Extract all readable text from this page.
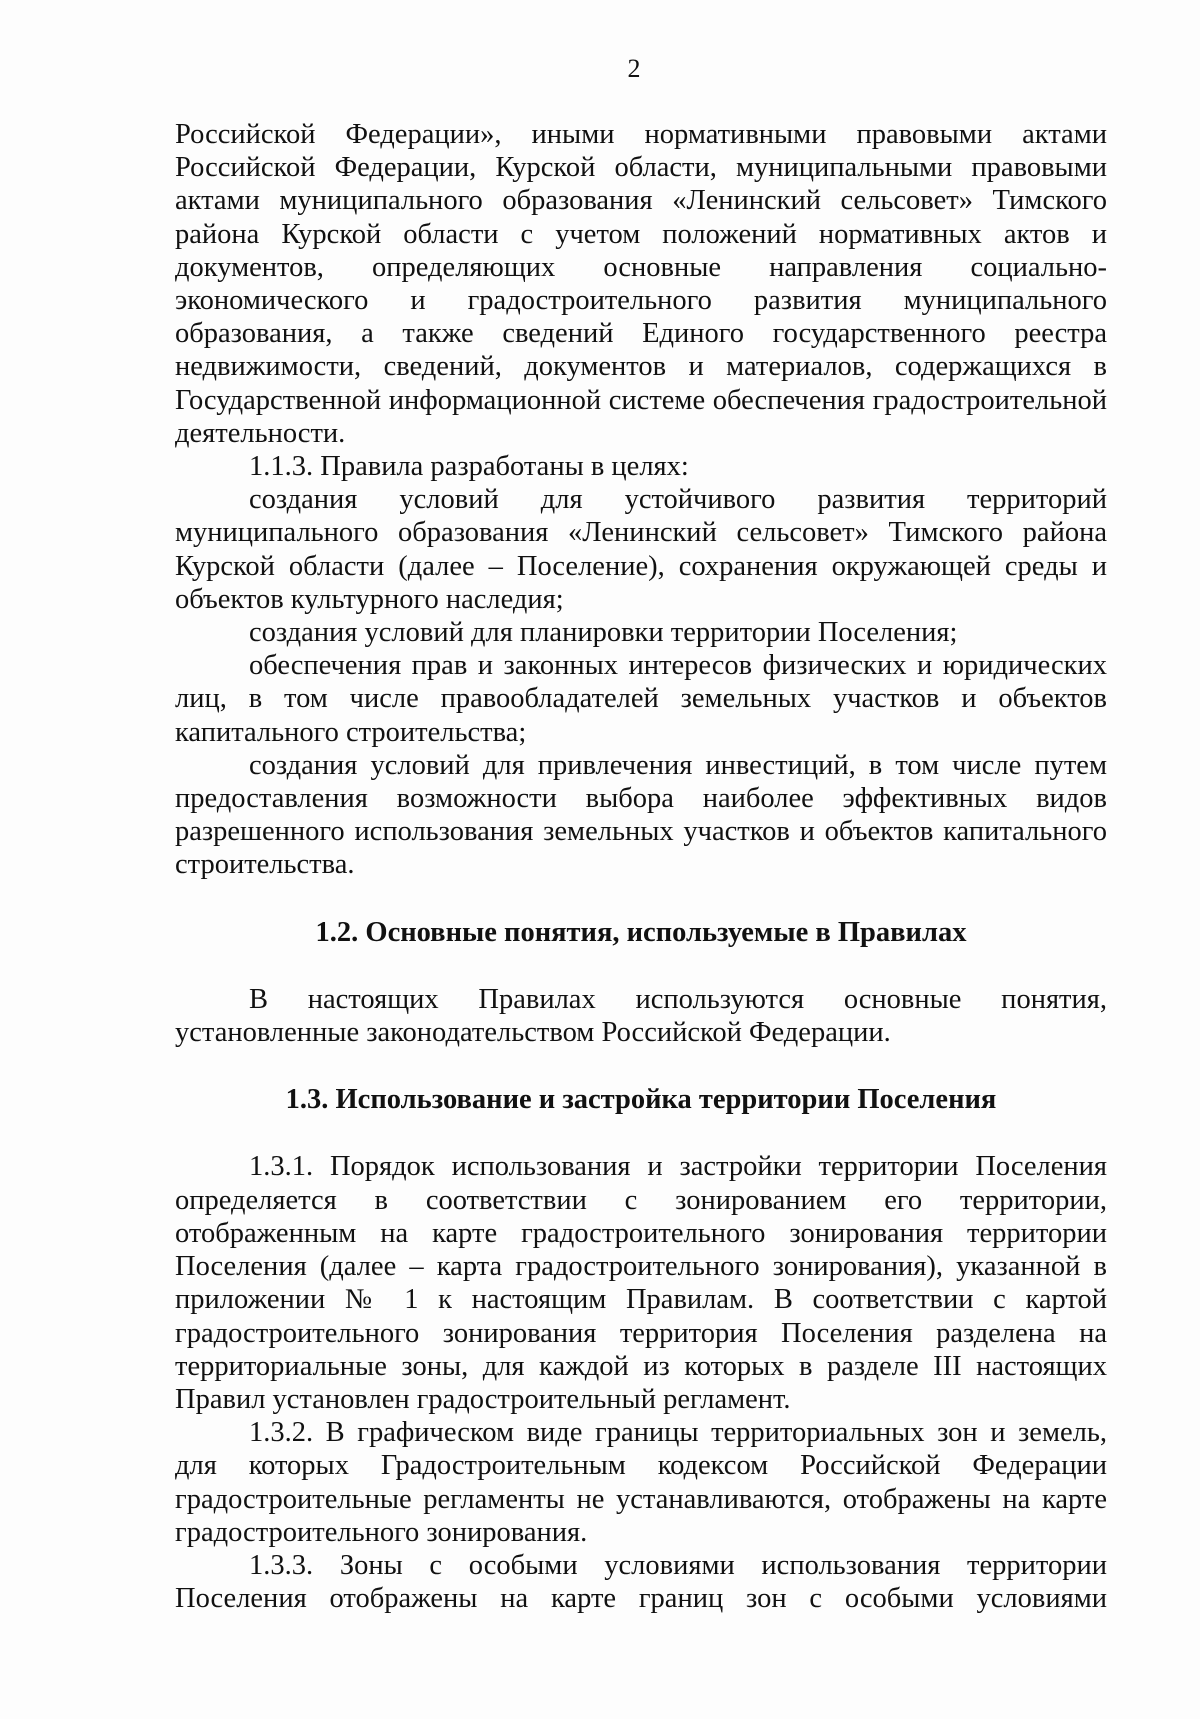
2

Российской Федерации», иными нормативными правовыми актами Российской Федерации, Курской области, муниципальными правовыми актами муниципального образования «Ленинский сельсовет» Тимского района Курской области с учетом положений нормативных актов и документов, определяющих основные направления социально-экономического и градостроительного развития муниципального образования, а также сведений Единого государственного реестра недвижимости, сведений, документов и материалов, содержащихся в Государственной информационной системе обеспечения градостроительной деятельности.

1.1.3. Правила разработаны в целях:

создания условий для устойчивого развития территорий муниципального образования «Ленинский сельсовет» Тимского района Курской области (далее – Поселение), сохранения окружающей среды и объектов культурного наследия;

создания условий для планировки территории Поселения;

обеспечения прав и законных интересов физических и юридических лиц, в том числе правообладателей земельных участков и объектов капитального строительства;

создания условий для привлечения инвестиций, в том числе путем предоставления возможности выбора наиболее эффективных видов разрешенного использования земельных участков и объектов капитального строительства.

1.2. Основные понятия, используемые в Правилах

В настоящих Правилах используются основные понятия, установленные законодательством Российской Федерации.

1.3. Использование и застройка территории Поселения

1.3.1. Порядок использования и застройки территории Поселения определяется в соответствии с зонированием его территории, отображенным на карте градостроительного зонирования территории Поселения (далее – карта градостроительного зонирования), указанной в приложении № 1 к настоящим Правилам. В соответствии с картой градостроительного зонирования территория Поселения разделена на территориальные зоны, для каждой из которых в разделе III настоящих Правил установлен градостроительный регламент.

1.3.2. В графическом виде границы территориальных зон и земель, для которых Градостроительным кодексом Российской Федерации градостроительные регламенты не устанавливаются, отображены на карте градостроительного зонирования.

1.3.3. Зоны с особыми условиями использования территории Поселения отображены на карте границ зон с особыми условиями
